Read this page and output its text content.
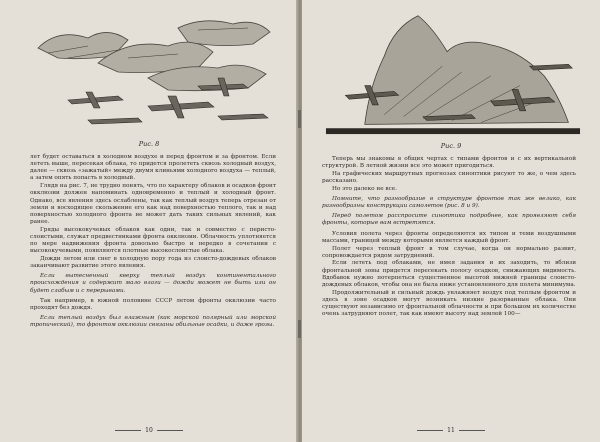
Рис. 8

лет будет оставаться в холодном воздухе и перед фронтом и за фронтом. Если лететь выше, пересекая облака, то придется пролететь сквозь холодный воздух, далее — сквозь «зажатый» между двумя клиньями холодного воздуха — теплый, а затем опять попасть в холодный.

Глядя на рис. 7, не трудно понять, что по характеру облаков и осадков фронт окклюзии должен напоминать одновременно и теплый и холодный фронт. Однако, все явления здесь ослаблены, так как теплый воздух теперь отрезан от земли и восходящее скольжение его как над поверхностью теплого, так и над поверхностью холодного фронта не может дать таких сильных явлений, как ранее.

Гряды высококучевых облаков как одни, так и совместно с перисто-слоистыми, служат предвестниками фронта окклюзии. Облачность уплотняется по мере надвижения фронта довольно быстро и нередко в сочетании с высококучевыми, появляются плотные высокослоистые облака.

Дожди летом или снег в холодную пору года из слоисто-дождевых облаков заканчивают развитие этого явления.

Если вытесненный кверху теплый воздух континентального происхождения и содержит мало влаги — дожди может не быть или он будет слабым и с перерывами.

Так например, в южной половине СССР летом фронты окклюзии часто проходят без дождя.

Если теплый воздух был влажным (как морской полярный или морской тропический), то фронтом окклюзии связаны обильные осадки, и даже грозы.

10
Рис. 9

Теперь мы знакомы в общих чертах с типами фронтов и с их вертикальной структурой. В летной жизни все это может пригодиться.

На графических маршрутных прогнозах синоптики рисуют то же, о чем здесь рассказано.

Но это далеко не все.

Помните, что разнообразие в структуре фронтов так же велико, как разнообразны конструкции самолетов (рис. 8 и 9).

Перед полетом расспросите синоптика подробнее, как проявляют себя фронты, которые вам встретятся.

Условия полета через фронты определяются их типом и теми воздушными массами, границей между которыми является каждый фронт.

Полет через теплый фронт в том случае, когда он нормально развит, сопровождается рядом затруднений.

Если лететь под облаками, не имея задания и их заходить, то вблизи фронтальной зоны придется пересекать полосу осадков, снижающих видимость. Вдобавок нужно потерпеться существенное высотой нижней границы слоисто-дождевых облаков, чтобы она не была ниже установленного для полета минимума.

Продолжительный и сильный дождь увлажняет воздух под теплым фронтом и здесь в зоне осадков могут возникать низкие разорванные облака. Они существуют независимо от фронтальной облачности и при большом их количестве очень затрудняют полет, так как имеют высоту над землей 100—

11
